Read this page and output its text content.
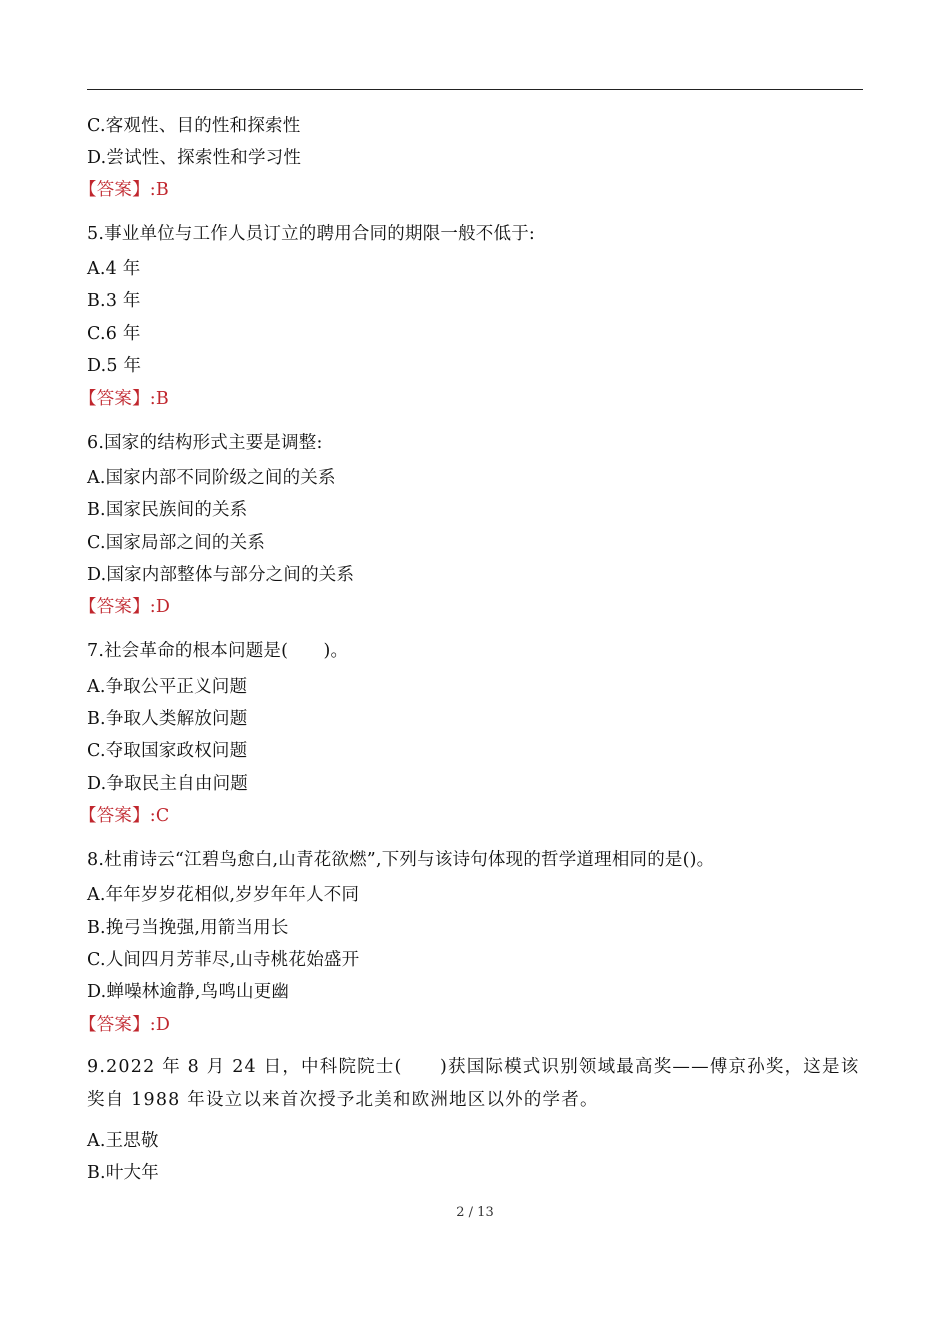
C.客观性、目的性和探索性
D.尝试性、探索性和学习性
【答案】:B
5.事业单位与工作人员订立的聘用合同的期限一般不低于:
A.4 年
B.3 年
C.6 年
D.5 年
【答案】:B
6.国家的结构形式主要是调整:
A.国家内部不同阶级之间的关系
B.国家民族间的关系
C.国家局部之间的关系
D.国家内部整体与部分之间的关系
【答案】:D
7.社会革命的根本问题是(　　)。
A.争取公平正义问题
B.争取人类解放问题
C.夺取国家政权问题
D.争取民主自由问题
【答案】:C
8.杜甫诗云“江碧鸟愈白,山青花欲燃”,下列与该诗句体现的哲学道理相同的是()。
A.年年岁岁花相似,岁岁年年人不同
B.挽弓当挽强,用箭当用长
C.人间四月芳菲尽,山寺桃花始盛开
D.蝉噪林逾静,鸟鸣山更幽
【答案】:D
9.2022 年 8 月 24 日，中科院院士(　　)获国际模式识别领域最高奖——傅京孙奖，这是该奖自 1988 年设立以来首次授予北美和欧洲地区以外的学者。
A.王思敬
B.叶大年
2 / 13
